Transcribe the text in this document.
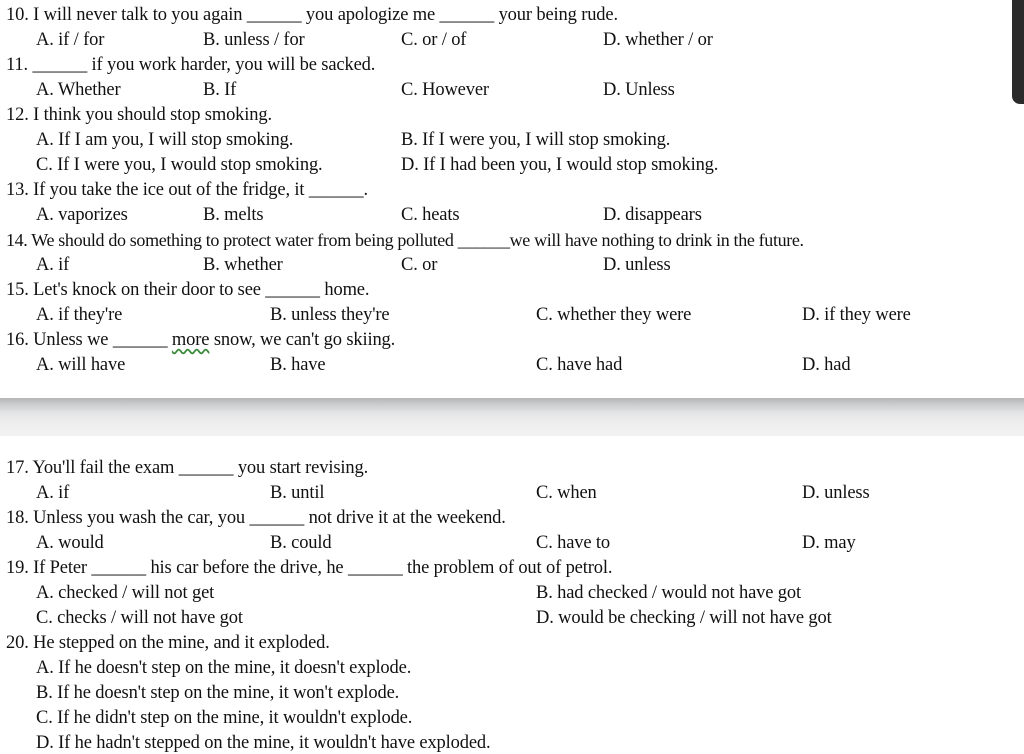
10. I will never talk to you again ______ you apologize me ______ your being rude.
A. if / for	B. unless / for	C. or / of	D. whether / or
11. ______ if you work harder, you will be sacked.
A. Whether	B. If	C. However	D. Unless
12. I think you should stop smoking.
A. If I am you, I will stop smoking.	B. If I were you, I will stop smoking.
C. If I were you, I would stop smoking.	D. If I had been you, I would stop smoking.
13. If you take the ice out of the fridge, it ______.
A. vaporizes	B. melts	C. heats	D. disappears
14. We should do something to protect water from being polluted ______we will have nothing to drink in the future.
A. if	B. whether	C. or	D. unless
15. Let's knock on their door to see ______ home.
A. if they're	B. unless they're	C. whether they were	D. if they were
16. Unless we ______ more snow, we can't go skiing.
A. will have	B. have	C. have had	D. had
17. You'll fail the exam ______ you start revising.
A. if	B. until	C. when	D. unless
18. Unless you wash the car, you ______ not drive it at the weekend.
A. would	B. could	C. have to	D. may
19. If Peter ______ his car before the drive, he ______ the problem of out of petrol.
A. checked / will not get	B. had checked / would not have got
C. checks / will not have got	D. would be checking / will not have got
20. He stepped on the mine, and it exploded.
A. If he doesn't step on the mine, it doesn't explode.
B. If he doesn't step on the mine, it won't explode.
C. If he didn't step on the mine, it wouldn't explode.
D. If he hadn't stepped on the mine, it wouldn't have exploded.
